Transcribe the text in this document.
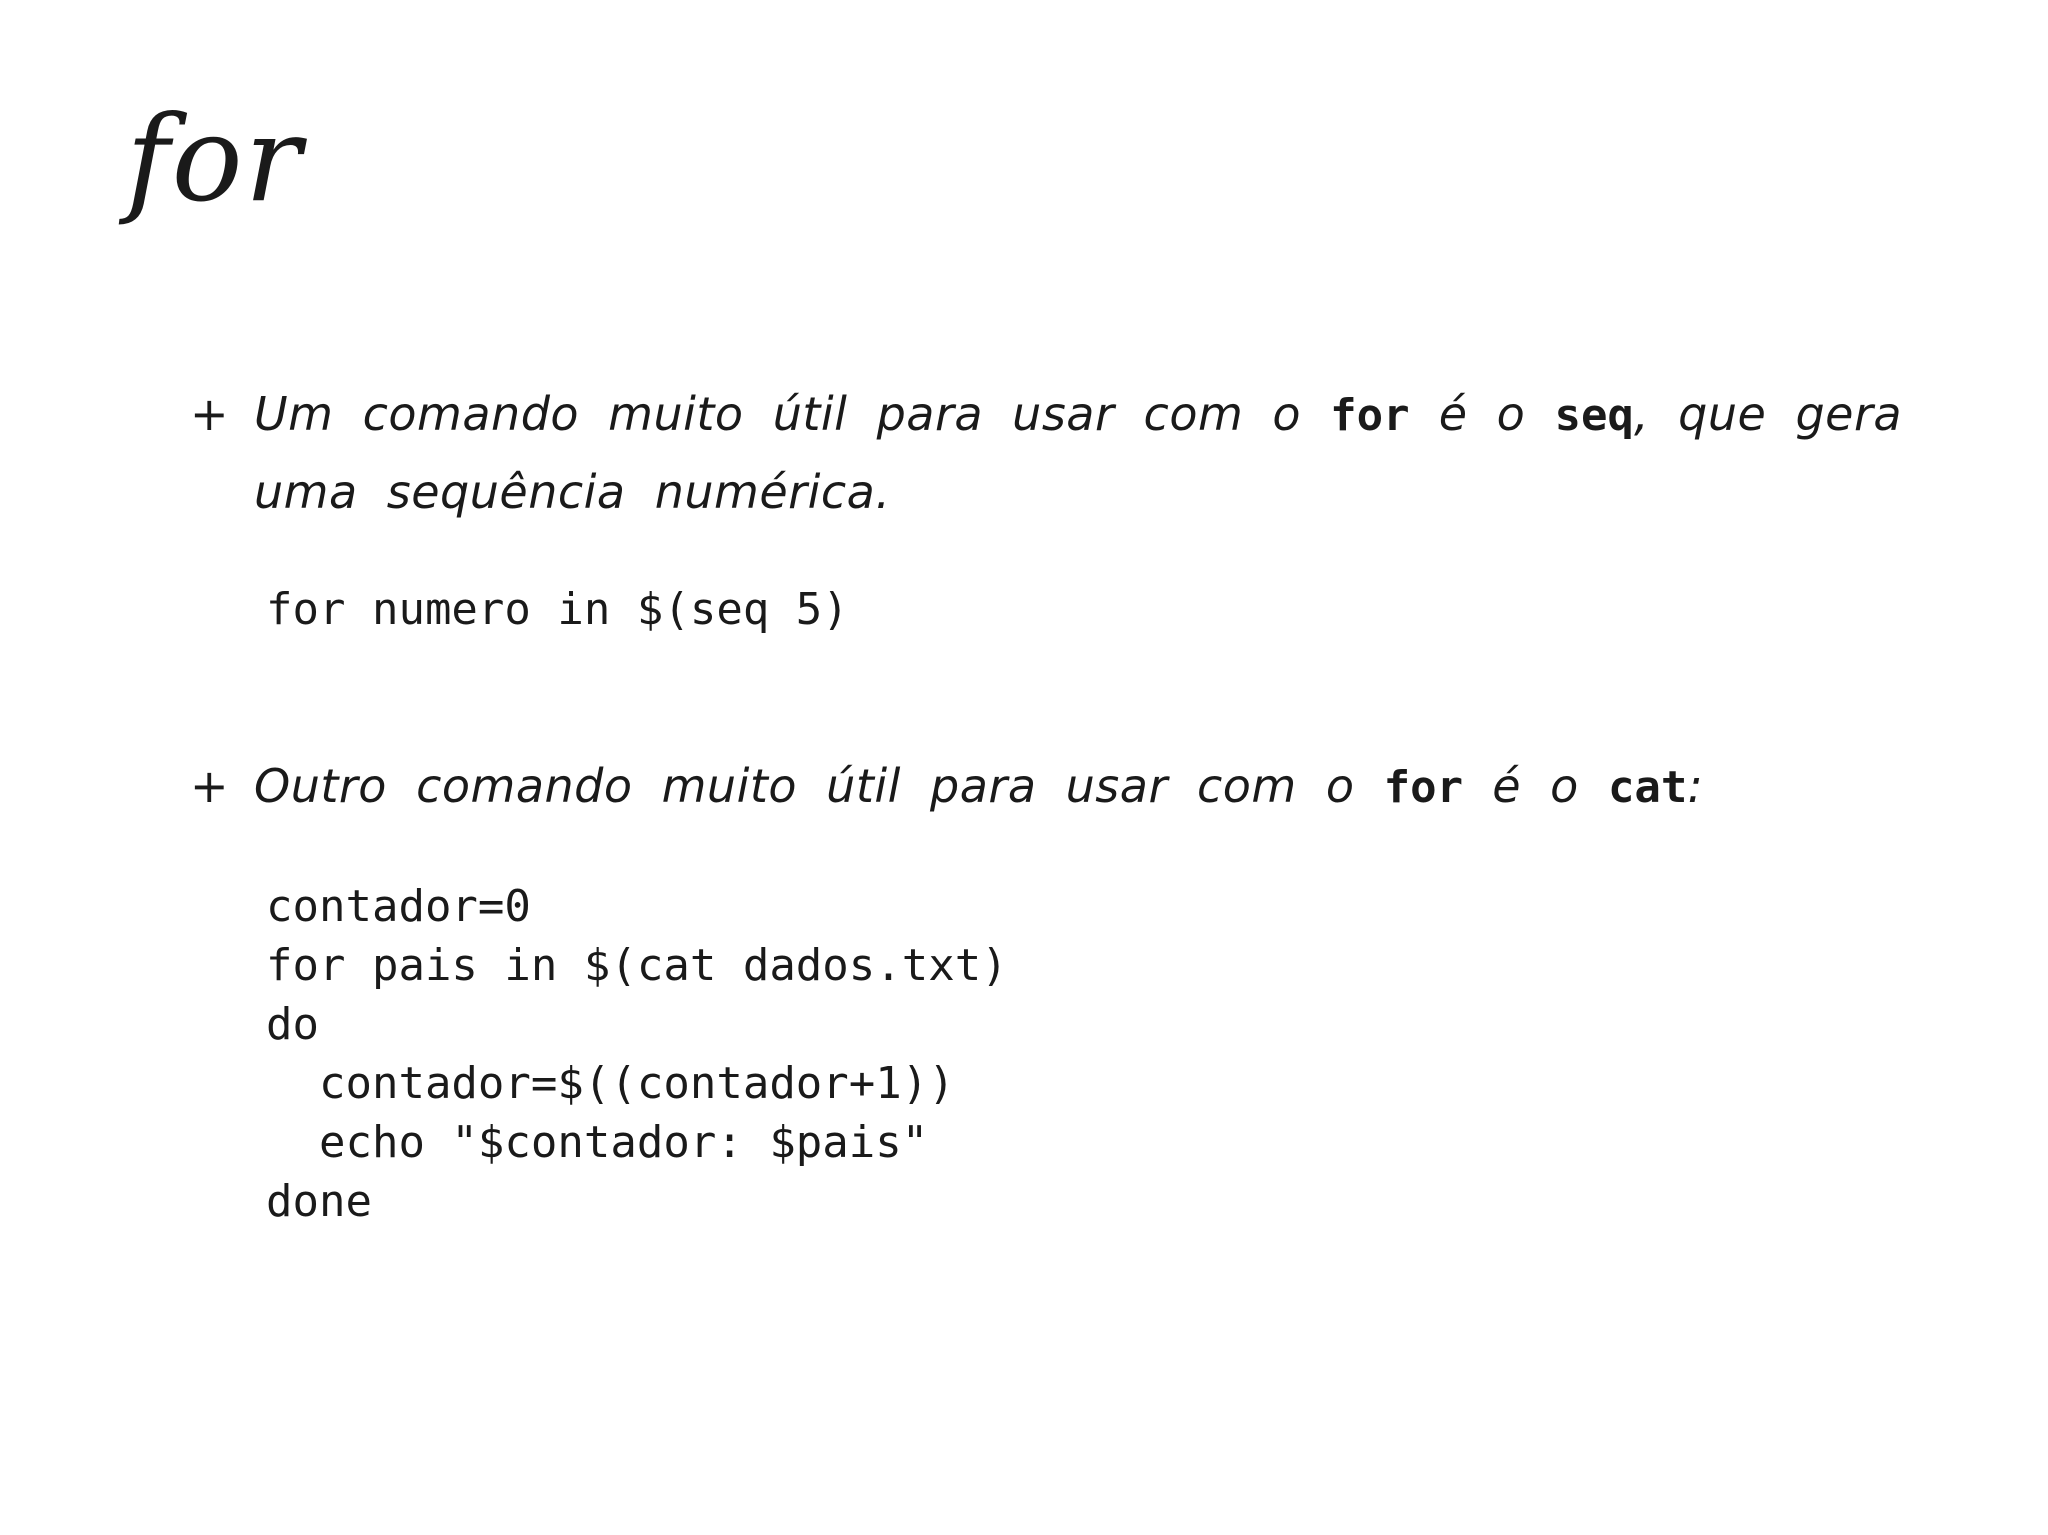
for
+ Um comando muito útil para usar com o for é o seq, que gera uma sequência numérica.
for numero in $(seq 5)
+ Outro comando muito útil para usar com o for é o cat:
contador=0
for pais in $(cat dados.txt)
do
contador=$((contador+1))
echo "$contador: $pais"
done
